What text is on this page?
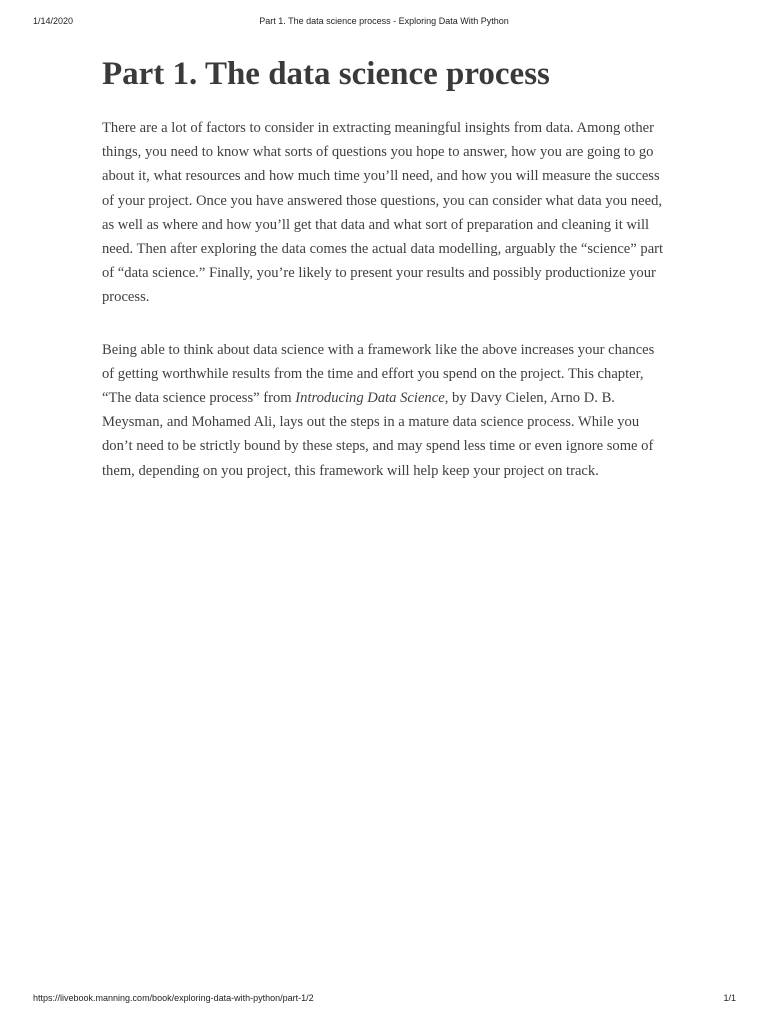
1/14/2020	Part 1. The data science process - Exploring Data With Python
Part 1. The data science process

There are a lot of factors to consider in extracting meaningful insights from data. Among other things, you need to know what sorts of questions you hope to answer, how you are going to go about it, what resources and how much time you’ll need, and how you will measure the success of your project. Once you have answered those questions, you can consider what data you need, as well as where and how you’ll get that data and what sort of preparation and cleaning it will need. Then after exploring the data comes the actual data modelling, arguably the “science” part of “data science.” Finally, you’re likely to present your results and possibly productionize your process.

Being able to think about data science with a framework like the above increases your chances of getting worthwhile results from the time and effort you spend on the project. This chapter, “The data science process” from Introducing Data Science, by Davy Cielen, Arno D. B. Meysman, and Mohamed Ali, lays out the steps in a mature data science process. While you don’t need to be strictly bound by these steps, and may spend less time or even ignore some of them, depending on you project, this framework will help keep your project on track.

https://livebook.manning.com/book/exploring-data-with-python/part-1/2	1/1
